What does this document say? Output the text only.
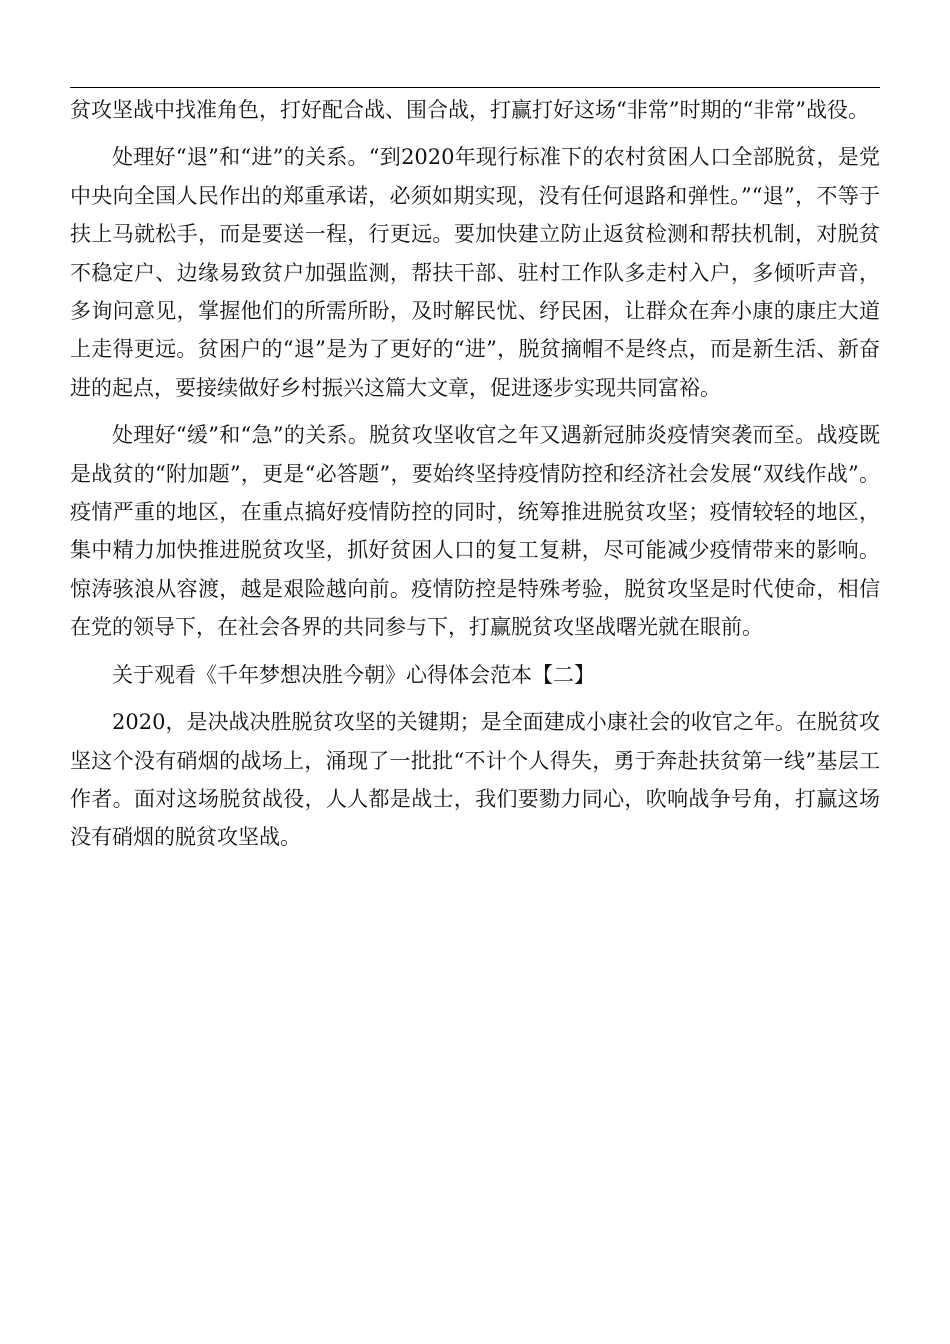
贫攻坚战中找准角色，打好配合战、围合战，打赢打好这场“非常”时期的“非常”战役。

处理好“退”和“进”的关系。“到2020年现行标准下的农村贫困人口全部脱贫，是党中央向全国人民作出的郑重承诺，必须如期实现，没有任何退路和弹性。”“退”，不等于扶上马就松手，而是要送一程，行更远。要加快建立防止返贫检测和帮扶机制，对脱贫不稳定户、边缘易致贫户加强监测，帮扶干部、驻村工作队多走村入户，多倾听声音，多询问意见，掌握他们的所需所盼，及时解民忧、纾民困，让群众在奔小康的康庄大道上走得更远。贫困户的“退”是为了更好的“进”，脱贫摘帽不是终点，而是新生活、新奋进的起点，要接续做好乡村振兴这篇大文章，促进逐步实现共同富裕。

处理好“缓”和“急”的关系。脱贫攻坚收官之年又遇新冠肺炎疫情突袭而至。战疫既是战贫的“附加题”，更是“必答题”，要始终坚持疫情防控和经济社会发展“双线作战”。疫情严重的地区，在重点搞好疫情防控的同时，统筹推进脱贫攻坚；疫情较轻的地区，集中精力加快推进脱贫攻坚，抓好贫困人口的复工复耕，尽可能减少疫情带来的影响。惊涛骇浪从容渡，越是艰险越向前。疫情防控是特殊考验，脱贫攻坚是时代使命，相信在党的领导下，在社会各界的共同参与下，打赢脱贫攻坚战曙光就在眼前。

关于观看《千年梦想决胜今朝》心得体会范本【二】

2020，是决战决胜脱贫攻坚的关键期；是全面建成小康社会的收官之年。在脱贫攻坚这个没有硝烟的战场上，涌现了一批批“不计个人得失，勇于奔赴扶贫第一线”基层工作者。面对这场脱贫战役，人人都是战士，我们要勠力同心，吹响战争号角，打赢这场没有硝烟的脱贫攻坚战。
